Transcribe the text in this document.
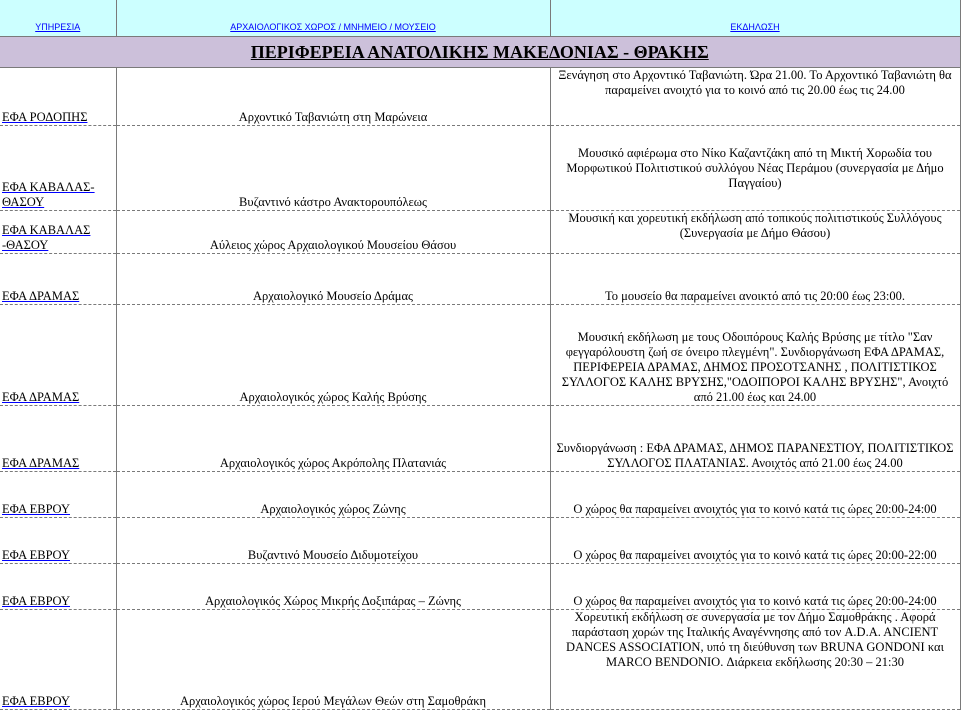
ΥΠΗΡΕΣΙΑ	ΑΡΧΑΙΟΛΟΓΙΚΟΣ ΧΩΡΟΣ / ΜΝΗΜΕΙΟ / ΜΟΥΣΕΙΟ	ΕΚΔΗΛΩΣΗ
ΠΕΡΙΦΕΡΕΙΑ ΑΝΑΤΟΛΙΚΗΣ ΜΑΚΕΔΟΝΙΑΣ - ΘΡΑΚΗΣ		
ΕΦΑ ΡΟΔΟΠΗΣ	Αρχοντικό Ταβανιώτη στη Μαρώνεια	Ξενάγηση στο Αρχοντικό Ταβανιώτη. Ώρα 21.00. Το Αρχοντικό Ταβανιώτη θα παραμείνει ανοιχτό για το κοινό από τις 20.00 έως τις 24.00
ΕΦΑ ΚΑΒΑΛΑΣ-ΘΑΣΟΥ	Βυζαντινό κάστρο Ανακτορουπόλεως	Μουσικό αφιέρωμα στο Νίκο Καζαντζάκη από τη Μικτή Χορωδία του Μορφωτικού Πολιτιστικού συλλόγου Νέας Περάμου (συνεργασία με Δήμο Παγγαίου)
ΕΦΑ ΚΑΒΑΛΑΣ -ΘΑΣΟΥ	Αύλειος χώρος Αρχαιολογικού Μουσείου Θάσου	Μουσική και χορευτική εκδήλωση από τοπικούς πολιτιστικούς Συλλόγους (Συνεργασία με Δήμο Θάσου)
ΕΦΑ ΔΡΑΜΑΣ	Αρχαιολογικό Μουσείο Δράμας	Το μουσείο θα παραμείνει ανοικτό από τις 20:00 έως 23:00.
ΕΦΑ ΔΡΑΜΑΣ	Αρχαιολογικός χώρος Καλής Βρύσης	Μουσική εκδήλωση με τους Οδοιπόρους Καλής Βρύσης με τίτλο "Σαν φεγγαρόλουστη ζωή σε όνειρο πλεγμένη". Συνδιοργάνωση ΕΦΑ ΔΡΑΜΑΣ, ΠΕΡΙΦΕΡΕΙΑ ΔΡΑΜΑΣ, ΔΗΜΟΣ ΠΡΟΣΟΤΣΑΝΗΣ , ΠΟΛΙΤΙΣΤΙΚΟΣ ΣΥΛΛΟΓΟΣ ΚΑΛΗΣ ΒΡΥΣΗΣ,"ΟΔΟΙΠΟΡΟΙ ΚΑΛΗΣ ΒΡΥΣΗΣ", Ανοιχτό από 21.00 έως και 24.00
ΕΦΑ ΔΡΑΜΑΣ	Αρχαιολογικός χώρος Ακρόπολης Πλατανιάς	Συνδιοργάνωση : ΕΦΑ ΔΡΑΜΑΣ, ΔΗΜΟΣ ΠΑΡΑΝΕΣΤΙΟΥ, ΠΟΛΙΤΙΣΤΙΚΟΣ ΣΥΛΛΟΓΟΣ ΠΛΑΤΑΝΙΑΣ. Ανοιχτός από 21.00 έως 24.00
ΕΦΑ ΕΒΡΟΥ	Αρχαιολογικός χώρος Ζώνης	Ο χώρος θα παραμείνει ανοιχτός για το κοινό κατά τις ώρες 20:00-24:00
ΕΦΑ ΕΒΡΟΥ	Βυζαντινό Μουσείο Διδυμοτείχου	Ο χώρος θα παραμείνει ανοιχτός για το κοινό κατά τις ώρες 20:00-22:00
ΕΦΑ ΕΒΡΟΥ	Αρχαιολογικός Χώρος Μικρής Δοξιπάρας – Ζώνης	Ο χώρος θα παραμείνει ανοιχτός για το κοινό κατά τις ώρες 20:00-24:00
ΕΦΑ ΕΒΡΟΥ	Αρχαιολογικός χώρος Ιερού Μεγάλων Θεών στη Σαμοθράκη	Χορευτική εκδήλωση σε συνεργασία με τον Δήμο Σαμοθράκης . Αφορά παράσταση χορών της Ιταλικής Αναγέννησης από τον A.D.A. ANCIENT DANCES ASSOCIATION, υπό τη διεύθυνση των BRUNA GONDONI και MARCO BENDONIO. Διάρκεια εκδήλωσης 20:30 – 21:30
